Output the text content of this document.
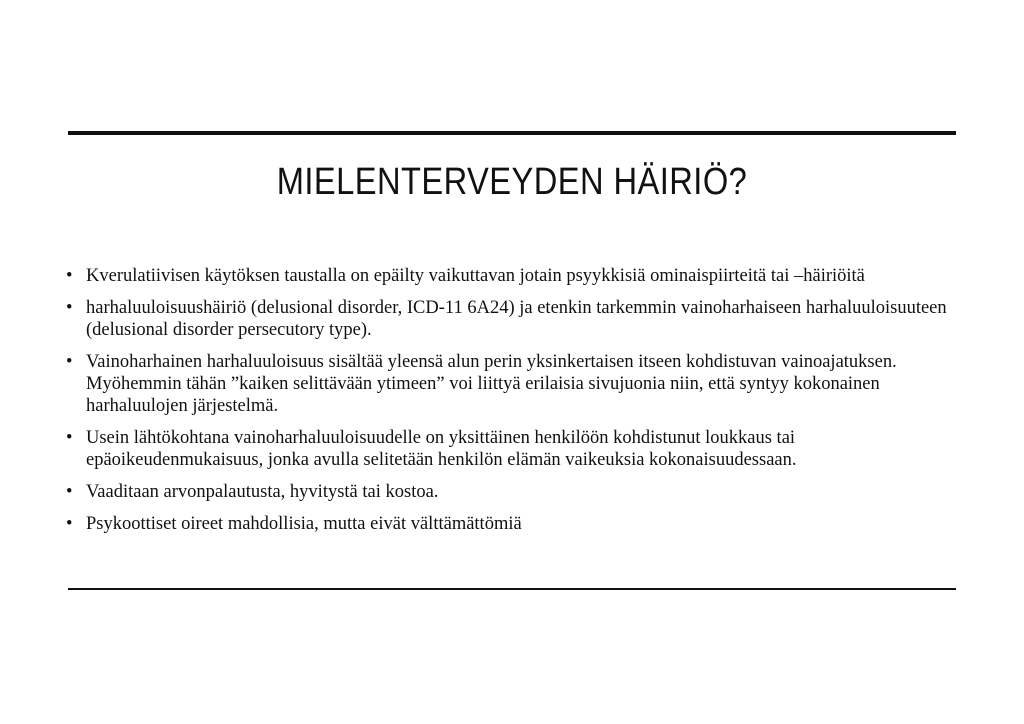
MIELENTERVEYDEN HÄIRIÖ?
• Kverulatiivisen käytöksen taustalla on epäilty vaikuttavan jotain psyykkisiä ominaispiirteitä tai –häiriöitä
• harhaluuloisuushäiriö (delusional disorder, ICD-11 6A24) ja etenkin tarkemmin vainoharhaiseen harhaluuloisuuteen (delusional disorder persecutory type).
• Vainoharhainen harhaluuloisuus sisältää yleensä alun perin yksinkertaisen itseen kohdistuvan vainoajatuksen. Myöhemmin tähän ”kaiken selittävään ytimeen” voi liittyä erilaisia sivujuonia niin, että syntyy kokonainen harhaluulojen järjestelmä.
• Usein lähtökohtana vainoharhaluuloisuudelle on yksittäinen henkilöön kohdistunut loukkaus tai epäoikeudenmukaisuus, jonka avulla selitetään henkilön elämän vaikeuksia kokonaisuudessaan.
• Vaaditaan arvonpalautusta, hyvitystä tai kostoa.
• Psykoottiset oireet mahdollisia, mutta eivät välttämättömiä
